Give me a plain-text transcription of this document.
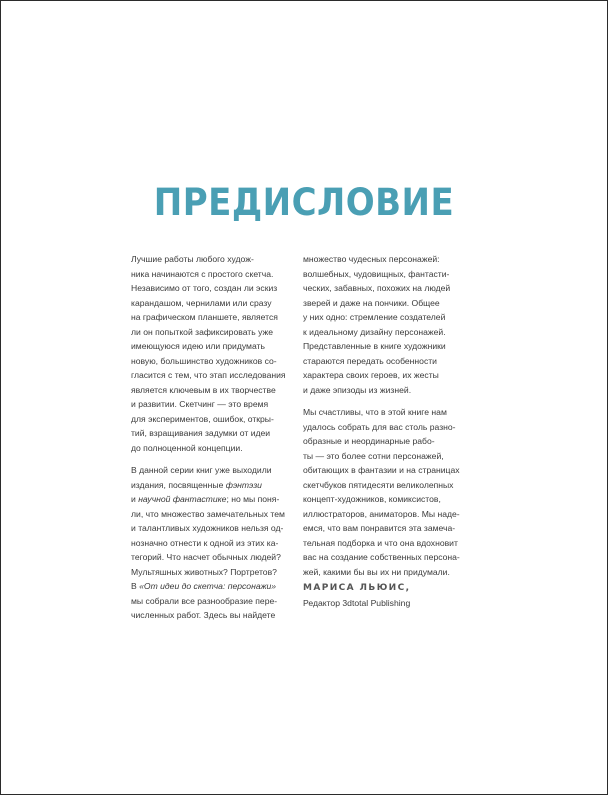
ПРЕДИСЛОВИЕ
Лучшие работы любого худож-
ника начинаются с простого скетча.
Независимо от того, создан ли эскиз
карандашом, чернилами или сразу
на графическом планшете, является
ли он попыткой зафиксировать уже
имеющуюся идею или придумать
новую, большинство художников со-
гласится с тем, что этап исследования
является ключевым в их творчестве
и развитии. Скетчинг — это время
для экспериментов, ошибок, откры-
тий, взращивания задумки от идеи
до полноценной концепции.
В данной серии книг уже выходили
издания, посвященные фэнтэзи
и научной фантастике; но мы поня-
ли, что множество замечательных тем
и талантливых художников нельзя од-
нозначно отнести к одной из этих ка-
тегорий. Что насчет обычных людей?
Мультяшных животных? Портретов?
В «От идеи до скетча: персонажи»
мы собрали все разнообразие пере-
численных работ. Здесь вы найдете
множество чудесных персонажей:
волшебных, чудовищных, фантасти-
ческих, забавных, похожих на людей
зверей и даже на пончики. Общее
у них одно: стремление создателей
к идеальному дизайну персонажей.
Представленные в книге художники
стараются передать особенности
характера своих героев, их жесты
и даже эпизоды из жизней.
Мы счастливы, что в этой книге нам
удалось собрать для вас столь разно-
образные и неординарные рабо-
ты — это более сотни персонажей,
обитающих в фантазии и на страницах
скетчбуков пятидесяти великолепных
концепт-художников, комиксистов,
иллюстраторов, аниматоров. Мы наде-
емся, что вам понравится эта замеча-
тельная подборка и что она вдохновит
вас на создание собственных персона-
жей, какими бы вы их ни придумали.
МАРИСА ЛЬЮИС,
Редактор 3dtotal Publishing
